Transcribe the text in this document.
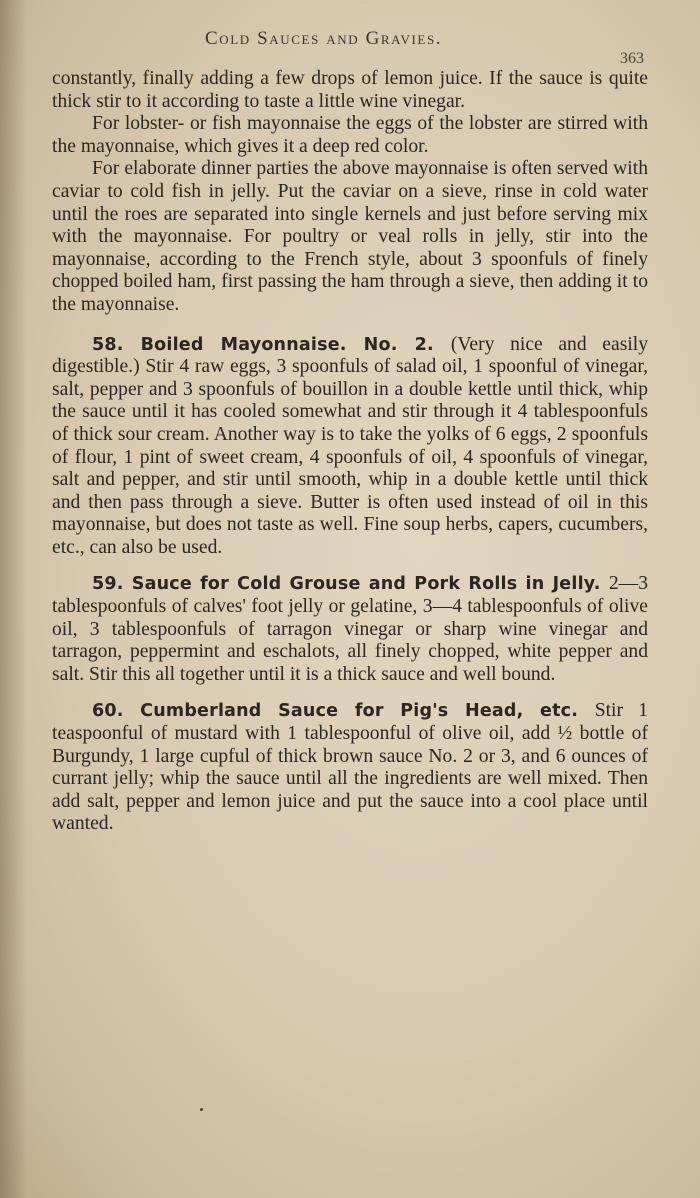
Cold Sauces and Gravies.
363

constantly, finally adding a few drops of lemon juice. If the sauce is quite thick stir to it according to taste a little wine vinegar.

For lobster- or fish mayonnaise the eggs of the lobster are stirred with the mayonnaise, which gives it a deep red color.

For elaborate dinner parties the above mayonnaise is often served with caviar to cold fish in jelly. Put the caviar on a sieve, rinse in cold water until the roes are separated into single kernels and just before serving mix with the mayonnaise. For poultry or veal rolls in jelly, stir into the mayonnaise, according to the French style, about 3 spoonfuls of finely chopped boiled ham, first passing the ham through a sieve, then adding it to the mayonnaise.

58. Boiled Mayonnaise. No. 2. (Very nice and easily digestible.) Stir 4 raw eggs, 3 spoonfuls of salad oil, 1 spoonful of vinegar, salt, pepper and 3 spoonfuls of bouillon in a double kettle until thick, whip the sauce until it has cooled somewhat and stir through it 4 tablespoonfuls of thick sour cream. Another way is to take the yolks of 6 eggs, 2 spoonfuls of flour, 1 pint of sweet cream, 4 spoonfuls of oil, 4 spoonfuls of vinegar, salt and pepper, and stir until smooth, whip in a double kettle until thick and then pass through a sieve. Butter is often used instead of oil in this mayonnaise, but does not taste as well. Fine soup herbs, capers, cucumbers, etc., can also be used.

59. Sauce for Cold Grouse and Pork Rolls in Jelly. 2—3 tablespoonfuls of calves' foot jelly or gelatine, 3—4 tablespoonfuls of olive oil, 3 tablespoonfuls of tarragon vinegar or sharp wine vinegar and tarragon, peppermint and eschalots, all finely chopped, white pepper and salt. Stir this all together until it is a thick sauce and well bound.

60. Cumberland Sauce for Pig's Head, etc. Stir 1 teaspoonful of mustard with 1 tablespoonful of olive oil, add ½ bottle of Burgundy, 1 large cupful of thick brown sauce No. 2 or 3, and 6 ounces of currant jelly; whip the sauce until all the ingredients are well mixed. Then add salt, pepper and lemon juice and put the sauce into a cool place until wanted.
